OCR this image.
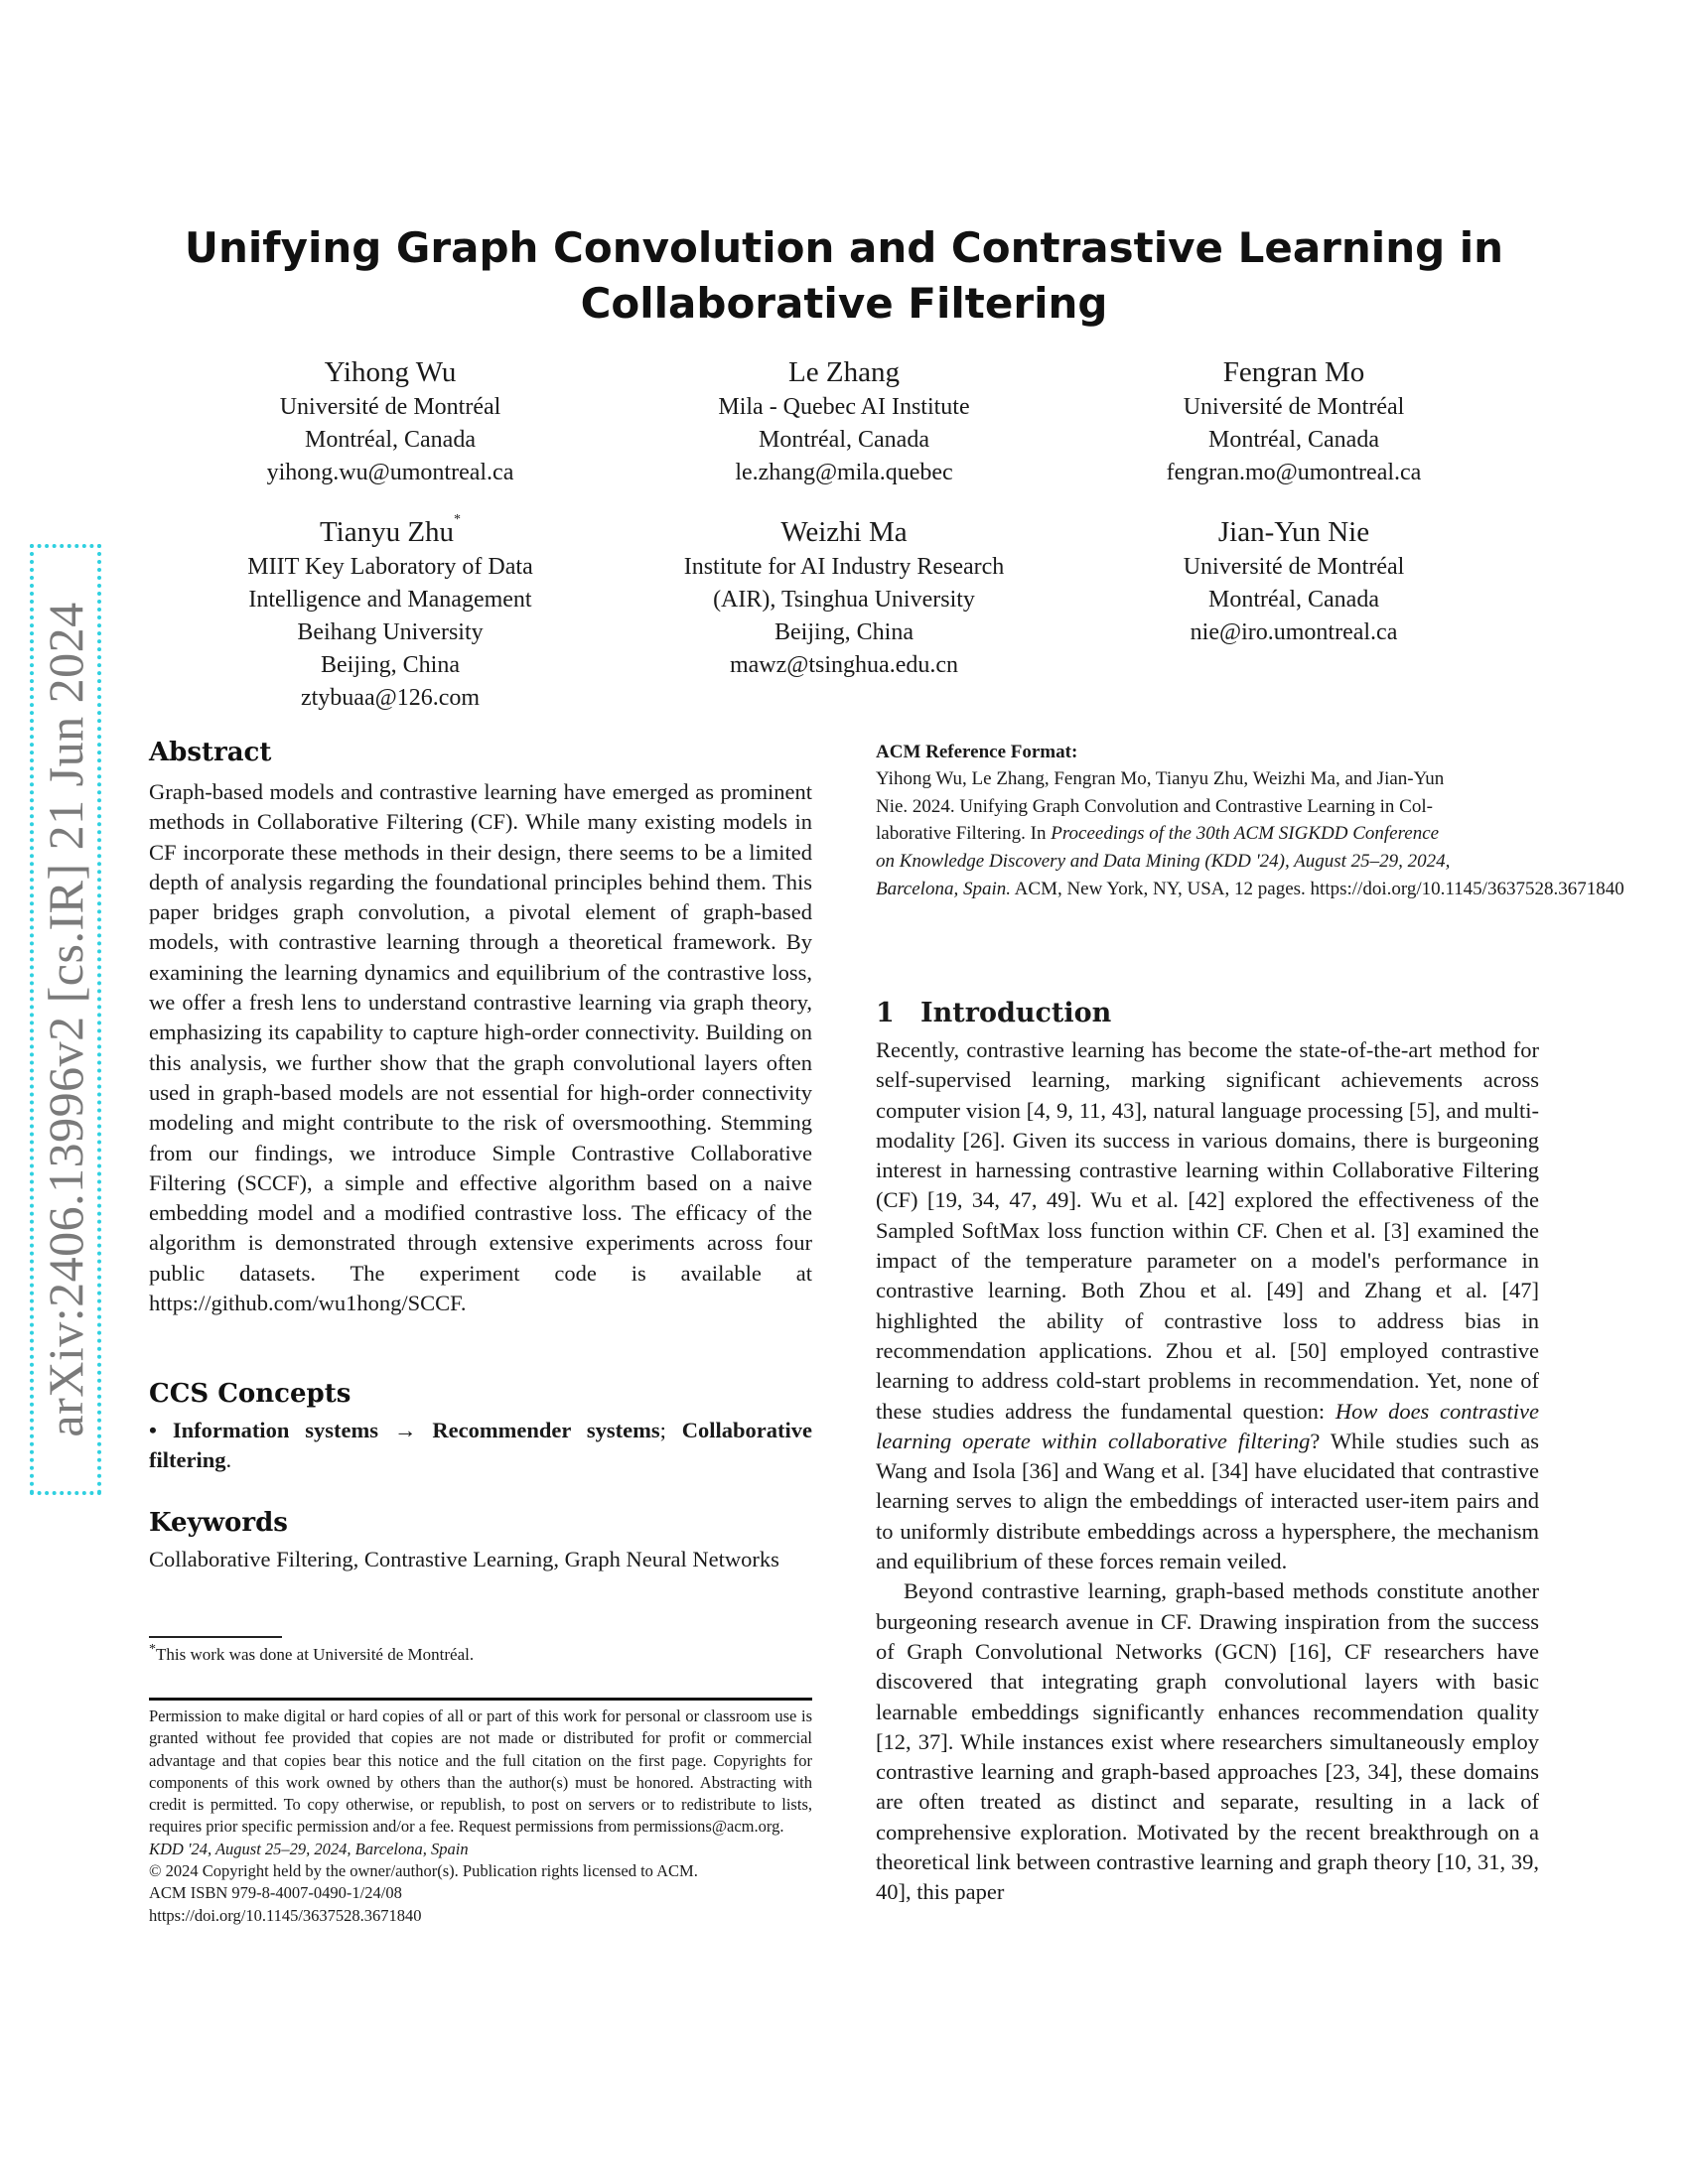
arXiv:2406.13996v2 [cs.IR] 21 Jun 2024
Unifying Graph Convolution and Contrastive Learning in
Collaborative Filtering
Yihong Wu
Université de Montréal
Montréal, Canada
yihong.wu@umontreal.ca
Le Zhang
Mila - Quebec AI Institute
Montréal, Canada
le.zhang@mila.quebec
Fengran Mo
Université de Montréal
Montréal, Canada
fengran.mo@umontreal.ca
Tianyu Zhu*
MIIT Key Laboratory of Data
Intelligence and Management
Beihang University
Beijing, China
ztybuaa@126.com
Weizhi Ma
Institute for AI Industry Research
(AIR), Tsinghua University
Beijing, China
mawz@tsinghua.edu.cn
Jian-Yun Nie
Université de Montréal
Montréal, Canada
nie@iro.umontreal.ca
Abstract

Graph-based models and contrastive learning have emerged as prominent methods in Collaborative Filtering (CF). While many existing models in CF incorporate these methods in their design, there seems to be a limited depth of analysis regarding the foundational principles behind them. This paper bridges graph convolution, a pivotal element of graph-based models, with contrastive learning through a theoretical framework. By examining the learning dynamics and equilibrium of the contrastive loss, we offer a fresh lens to understand contrastive learning via graph theory, emphasizing its capability to capture high-order connectivity. Building on this analysis, we further show that the graph convolutional layers often used in graph-based models are not essential for high-order connectivity modeling and might contribute to the risk of oversmoothing. Stemming from our findings, we introduce Simple Contrastive Collaborative Filtering (SCCF), a simple and effective algorithm based on a naive embedding model and a modified contrastive loss. The efficacy of the algorithm is demonstrated through extensive experiments across four public datasets. The experiment code is available at https://github.com/wu1hong/SCCF.

CCS Concepts

• Information systems → Recommender systems; Collaborative filtering.

Keywords

Collaborative Filtering, Contrastive Learning, Graph Neural Networks

*This work was done at Université de Montréal.

Permission to make digital or hard copies of all or part of this work for personal or classroom use is granted without fee provided that copies are not made or distributed for profit or commercial advantage and that copies bear this notice and the full citation on the first page. Copyrights for components of this work owned by others than the author(s) must be honored. Abstracting with credit is permitted. To copy otherwise, or republish, to post on servers or to redistribute to lists, requires prior specific permission and/or a fee. Request permissions from permissions@acm.org.

KDD '24, August 25–29, 2024, Barcelona, Spain
© 2024 Copyright held by the owner/author(s). Publication rights licensed to ACM.
ACM ISBN 979-8-4007-0490-1/24/08
https://doi.org/10.1145/3637528.3671840
ACM Reference Format:
Yihong Wu, Le Zhang, Fengran Mo, Tianyu Zhu, Weizhi Ma, and Jian-Yun
Nie. 2024. Unifying Graph Convolution and Contrastive Learning in Col-
laborative Filtering. In Proceedings of the 30th ACM SIGKDD Conference
on Knowledge Discovery and Data Mining (KDD '24), August 25–29, 2024,
Barcelona, Spain. ACM, New York, NY, USA, 12 pages. https://doi.org/10.1145/3637528.3671840
1 Introduction

Recently, contrastive learning has become the state-of-the-art method for self-supervised learning, marking significant achievements across computer vision [4, 9, 11, 43], natural language processing [5], and multi-modality [26]. Given its success in various domains, there is burgeoning interest in harnessing contrastive learning within Collaborative Filtering (CF) [19, 34, 47, 49]. Wu et al. [42] explored the effectiveness of the Sampled SoftMax loss function within CF. Chen et al. [3] examined the impact of the temperature parameter on a model's performance in contrastive learning. Both Zhou et al. [49] and Zhang et al. [47] highlighted the ability of contrastive loss to address bias in recommendation applications. Zhou et al. [50] employed contrastive learning to address cold-start problems in recommendation. Yet, none of these studies address the fundamental question: How does contrastive learning operate within collaborative filtering? While studies such as Wang and Isola [36] and Wang et al. [34] have elucidated that contrastive learning serves to align the embeddings of interacted user-item pairs and to uniformly distribute embeddings across a hypersphere, the mechanism and equilibrium of these forces remain veiled.

Beyond contrastive learning, graph-based methods constitute another burgeoning research avenue in CF. Drawing inspiration from the success of Graph Convolutional Networks (GCN) [16], CF researchers have discovered that integrating graph convolutional layers with basic learnable embeddings significantly enhances recommendation quality [12, 37]. While instances exist where researchers simultaneously employ contrastive learning and graph-based approaches [23, 34], these domains are often treated as distinct and separate, resulting in a lack of comprehensive exploration. Motivated by the recent breakthrough on a theoretical link between contrastive learning and graph theory [10, 31, 39, 40], this paper
